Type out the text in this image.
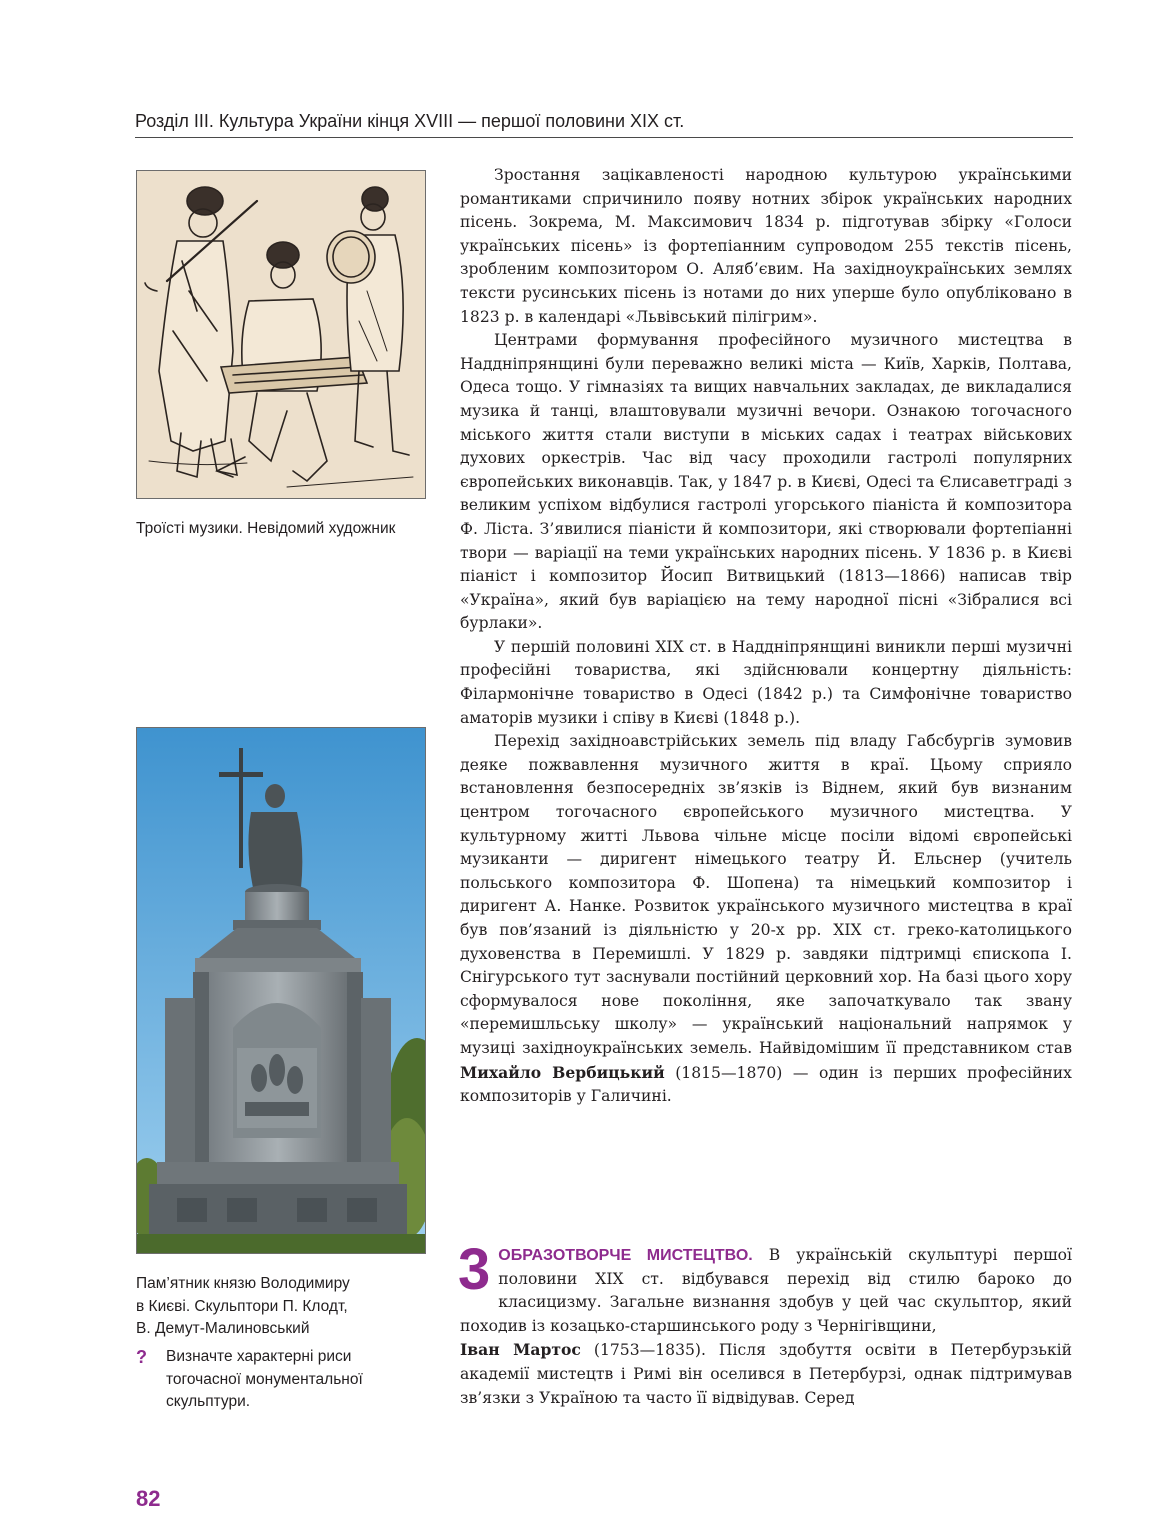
Розділ III. Культура України кінця XVIII — першої половини XIX ст.
Троїсті музики. Невідомий художник
Пам’ятник князю Володимиру
в Києві. Скульптори П. Клодт,
В. Демут-Малиновський
? Визначте характерні риси тогочасної монументальної скульптури.

Зростання зацікавленості народною культурою українськими романтиками спричинило появу нотних збірок українських народних пісень. Зокрема, М. Максимович 1834 р. підготував збірку «Голоси українських пісень» із фортепіанним супроводом 255 текстів пісень, зробленим композитором О. Аляб’євим. На західноукраїнських землях тексти русинських пісень із нотами до них уперше було опубліковано в 1823 р. в календарі «Львівський пілігрим».

Центрами формування професійного музичного мистецтва в Наддніпрянщині були переважно великі міста — Київ, Харків, Полтава, Одеса тощо. У гімназіях та вищих навчальних закладах, де викладалися музика й танці, влаштовували музичні вечори. Ознакою тогочасного міського життя стали виступи в міських садах і театрах військових духових оркестрів. Час від часу проходили гастролі популярних європейських виконавців. Так, у 1847 р. в Києві, Одесі та Єлисаветграді з великим успіхом відбулися гастролі угорського піаніста й композитора Ф. Ліста. З’явилися піаністи й композитори, які створювали фортепіанні твори — варіації на теми українських народних пісень. У 1836 р. в Києві піаніст і композитор Йосип Витвицький (1813—1866) написав твір «Україна», який був варіацією на тему народної пісні «Зібралися всі бурлаки».

У першій половині XIX ст. в Наддніпрянщині виникли перші музичні професійні товариства, які здійснювали концертну діяльність: Філармонічне товариство в Одесі (1842 р.) та Симфонічне товариство аматорів музики і співу в Києві (1848 р.).

Перехід західноавстрійських земель під владу Габсбургів зумовив деяке пожвавлення музичного життя в краї. Цьому сприяло встановлення безпосередніх зв’язків із Віднем, який був визнаним центром тогочасного європейського музичного мистецтва. У культурному житті Львова чільне місце посіли відомі європейські музиканти — диригент німецького театру Й. Ельснер (учитель польського композитора Ф. Шопена) та німецький композитор і диригент А. Нанке. Розвиток українського музичного мистецтва в краї був пов’язаний із діяльністю у 20-х рр. XIX ст. греко-католицького духовенства в Перемишлі. У 1829 р. завдяки підтримці єпископа І. Снігурського тут заснували постійний церковний хор. На базі цього хору сформувалося нове покоління, яке започаткувало так звану «перемишльську школу» — український національний напрямок у музиці західноукраїнських земель. Найвідомішим її представником став Михайло Вербицький (1815—1870) — один із перших професійних композиторів у Галичині.

3 ОБРАЗОТВОРЧЕ МИСТЕЦТВО. В українській скульптурі першої половини XIX ст. відбувався перехід від стилю бароко до класицизму. Загальне визнання здобув у цей час скульптор, який походив із козацько-старшинського роду з Чернігівщини,
Іван Мартос (1753—1835). Після здобуття освіти в Петербурзькій академії мистецтв і Римі він оселився в Петербурзі, однак підтримував зв’язки з Україною та часто її відвідував. Серед

82
